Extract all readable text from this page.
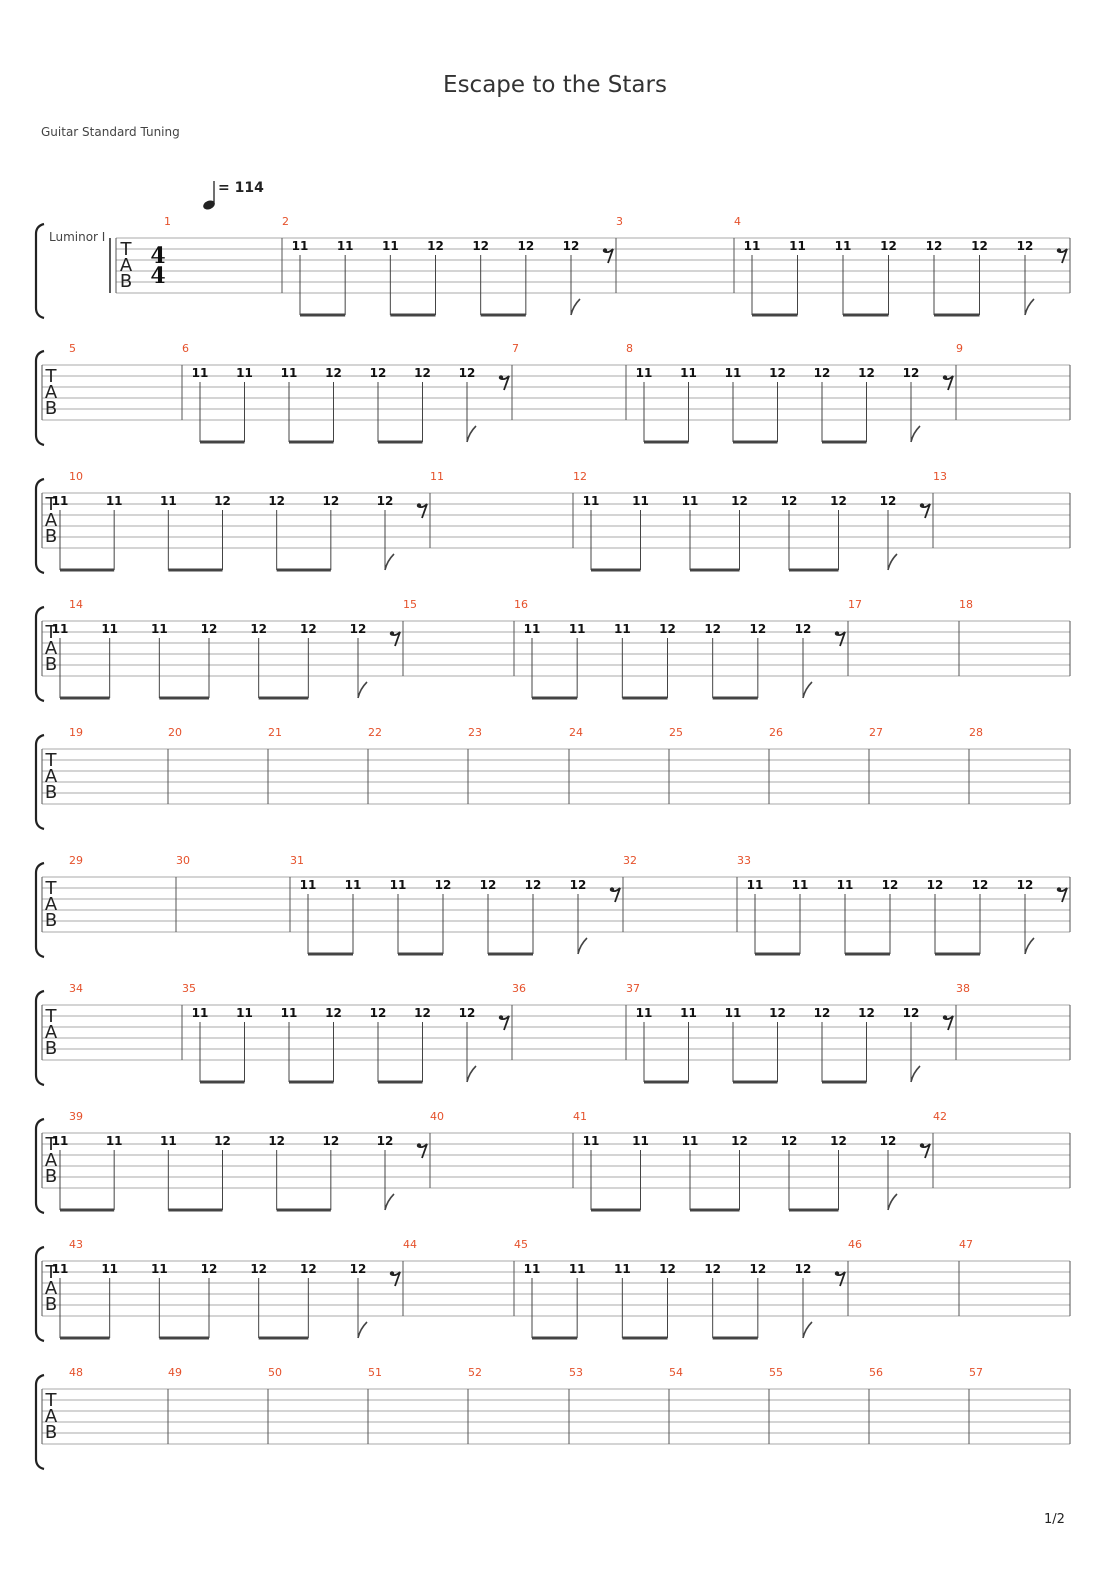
Escape to the Stars
Guitar Standard Tuning
= 114
Luminor I
T
A
B
4
4
1	2
11 11 11 12 12 12 12
3	4
11 11 11 12 12 12 12
T
A
B
5	6
11 11 11 12 12 12 12
7	8
11 11 11 12 12 12 12
9
T
A
B
10
11	11	11	12	12	12	12
11	12
11	11	11	12	12	12	12
13
T
A
B
14
11	11	11	12	12	12	12
15	16
11 11 11 12 12 12 12
17	18
T
A
B
19	20	21	22	23	24	25	26	27	28
T
A
B
29	30	31
11 11 11 12 12 12 12
32	33
11 11 11 12 12 12 12
T
A
B
34	35
11 11 11 12 12 12 12
36	37
11 11 11 12 12 12 12
38
T
A
B
39
11	11	11	12	12	12	12
40	41
11	11	11	12	12	12	12
42
T
A
B
43
11	11	11	12	12	12	12
44	45
11 11 11 12 12 12 12
46	47
T
A
B
48	49	50	51	52	53	54	55	56	57
1/2
